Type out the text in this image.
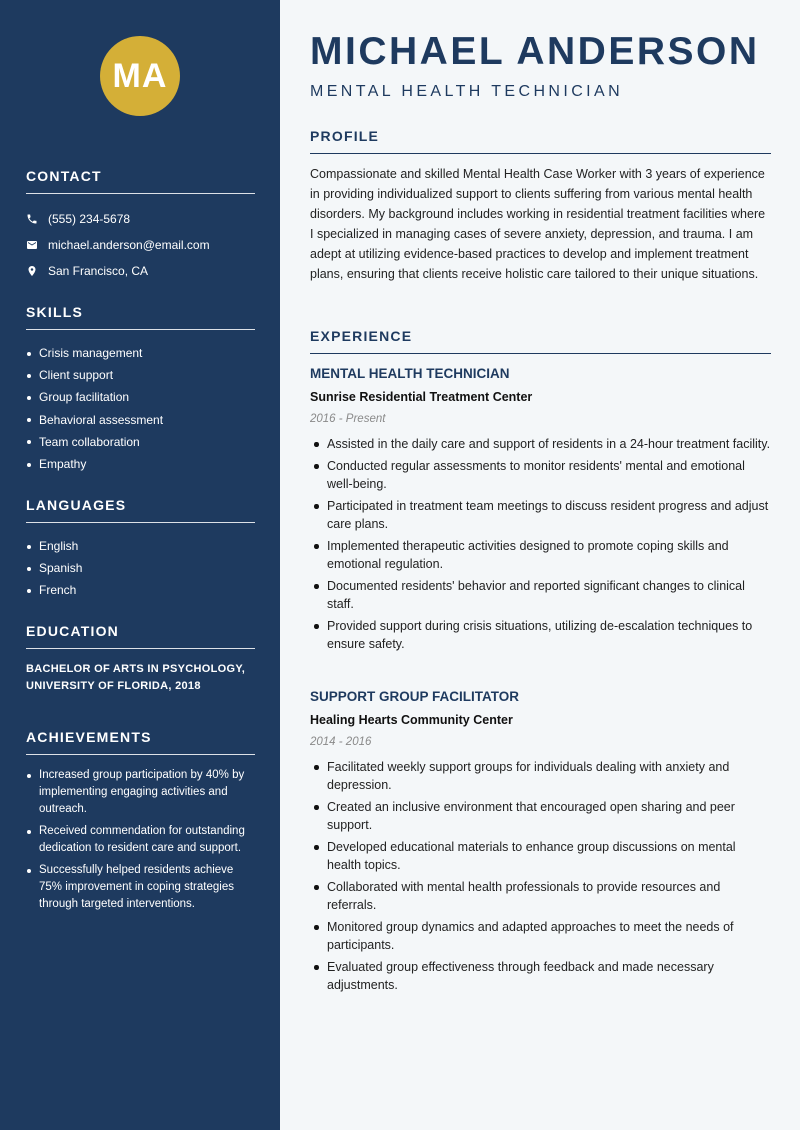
MA
CONTACT
(555) 234-5678
michael.anderson@email.com
San Francisco, CA
SKILLS
Crisis management
Client support
Group facilitation
Behavioral assessment
Team collaboration
Empathy
LANGUAGES
English
Spanish
French
EDUCATION
BACHELOR OF ARTS IN PSYCHOLOGY,
UNIVERSITY OF FLORIDA, 2018
ACHIEVEMENTS
Increased group participation by 40% by implementing engaging activities and outreach.
Received commendation for outstanding dedication to resident care and support.
Successfully helped residents achieve 75% improvement in coping strategies through targeted interventions.
MICHAEL ANDERSON
MENTAL HEALTH TECHNICIAN
PROFILE

Compassionate and skilled Mental Health Case Worker with 3 years of experience in providing individualized support to clients suffering from various mental health disorders. My background includes working in residential treatment facilities where I specialized in managing cases of severe anxiety, depression, and trauma. I am adept at utilizing evidence-based practices to develop and implement treatment plans, ensuring that clients receive holistic care tailored to their unique situations.

EXPERIENCE
MENTAL HEALTH TECHNICIAN
Sunrise Residential Treatment Center
2016 - Present
Assisted in the daily care and support of residents in a 24-hour treatment facility.
Conducted regular assessments to monitor residents' mental and emotional well-being.
Participated in treatment team meetings to discuss resident progress and adjust care plans.
Implemented therapeutic activities designed to promote coping skills and emotional regulation.
Documented residents' behavior and reported significant changes to clinical staff.
Provided support during crisis situations, utilizing de-escalation techniques to ensure safety.
SUPPORT GROUP FACILITATOR
Healing Hearts Community Center
2014 - 2016
Facilitated weekly support groups for individuals dealing with anxiety and depression.
Created an inclusive environment that encouraged open sharing and peer support.
Developed educational materials to enhance group discussions on mental health topics.
Collaborated with mental health professionals to provide resources and referrals.
Monitored group dynamics and adapted approaches to meet the needs of participants.
Evaluated group effectiveness through feedback and made necessary adjustments.
